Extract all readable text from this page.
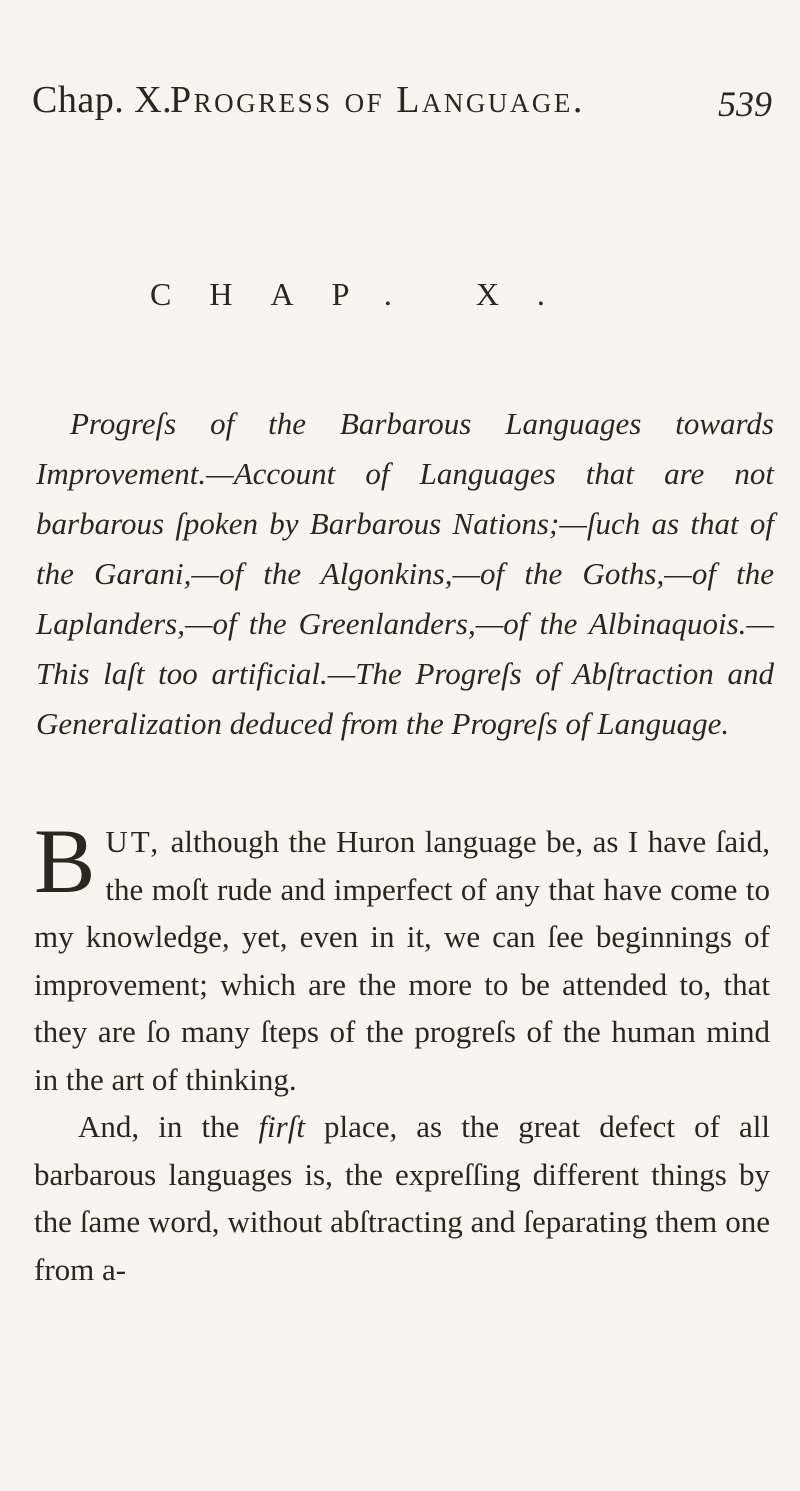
Chap. X.
Progress of Language.	539
CHAP. X.

Progreſs of the Barbarous Languages towards Improvement.—Account of Languages that are not barbarous ſpoken by Barbarous Nations;—ſuch as that of the Garani,—of the Algonkins,—of the Goths,—of the Laplanders,—of the Greenlanders,—of the Albinaquois.—This laſt too artificial.—The Progreſs of Abſtraction and Generalization deduced from the Progreſs of Language.

BUT, although the Huron language be, as I have ſaid, the moſt rude and imperfect of any that have come to my knowledge, yet, even in it, we can ſee beginnings of improvement; which are the more to be attended to, that they are ſo many ſteps of the progreſs of the human mind in the art of thinking.

And, in the firſt place, as the great defect of all barbarous languages is, the expreſſing different things by the ſame word, without abſtracting and ſeparating them one from a-
